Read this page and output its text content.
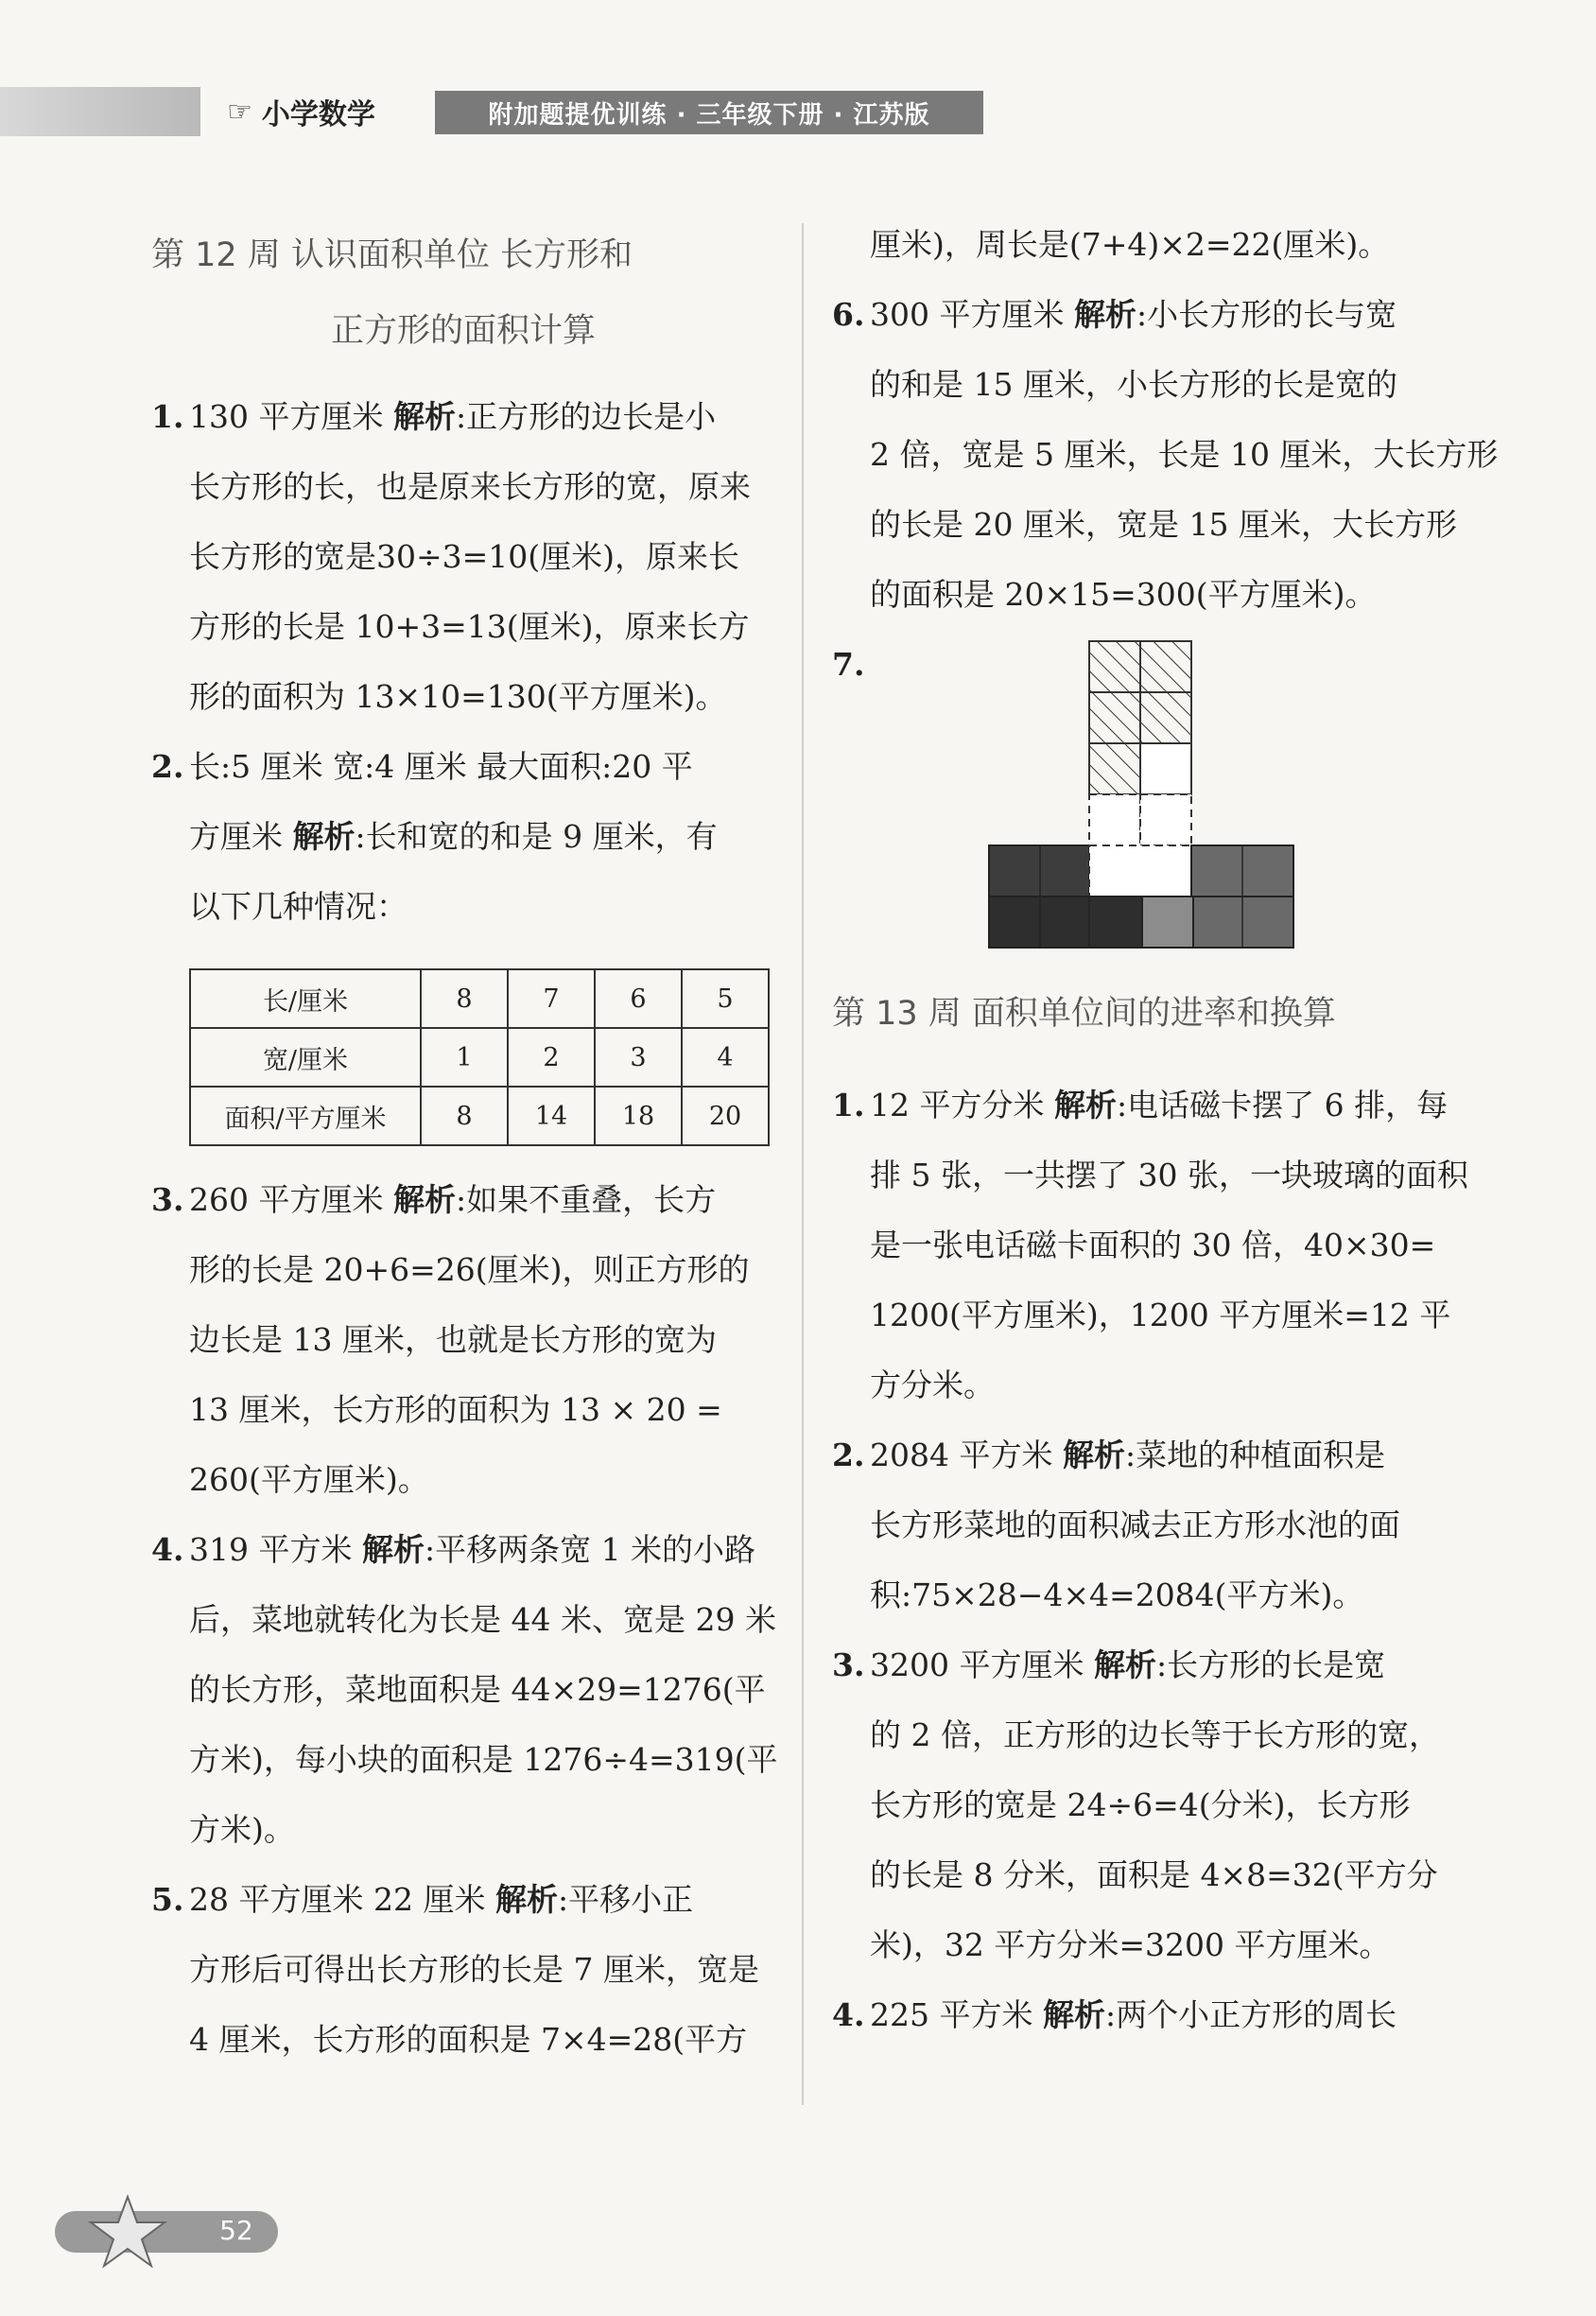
☞ 小学数学	附加题提优训练 · 三年级下册 · 江苏版
第 12 周 认识面积单位 长方形和
正方形的面积计算
1. 130 平方厘米 解析:正方形的边长是小
长方形的长，也是原来长方形的宽，原来
长方形的宽是30÷3=10(厘米)，原来长
方形的长是 10+3=13(厘米)，原来长方
形的面积为 13×10=130(平方厘米)。
2. 长:5 厘米 宽:4 厘米 最大面积:20 平
方厘米 解析:长和宽的和是 9 厘米，有
以下几种情况：
长/厘米	8	7	6	5
宽/厘米	1	2	3	4
面积/平方厘米	8	14	18	20
3. 260 平方厘米 解析:如果不重叠，长方
形的长是 20+6=26(厘米)，则正方形的
边长是 13 厘米，也就是长方形的宽为
13 厘米，长方形的面积为 13 × 20 =
260(平方厘米)。
4. 319 平方米 解析:平移两条宽 1 米的小路
后，菜地就转化为长是 44 米、宽是 29 米
的长方形，菜地面积是 44×29=1276(平
方米)，每小块的面积是 1276÷4=319(平
方米)。
5. 28 平方厘米 22 厘米 解析:平移小正
方形后可得出长方形的长是 7 厘米，宽是
4 厘米，长方形的面积是 7×4=28(平方
厘米)，周长是(7+4)×2=22(厘米)。
6. 300 平方厘米 解析:小长方形的长与宽
的和是 15 厘米，小长方形的长是宽的
2 倍，宽是 5 厘米，长是 10 厘米，大长方形
的长是 20 厘米，宽是 15 厘米，大长方形
的面积是 20×15=300(平方厘米)。
7.
第 13 周 面积单位间的进率和换算
1. 12 平方分米 解析:电话磁卡摆了 6 排，每
排 5 张，一共摆了 30 张，一块玻璃的面积
是一张电话磁卡面积的 30 倍，40×30=
1200(平方厘米)，1200 平方厘米=12 平
方分米。
2. 2084 平方米 解析:菜地的种植面积是
长方形菜地的面积减去正方形水池的面
积:75×28−4×4=2084(平方米)。
3. 3200 平方厘米 解析:长方形的长是宽
的 2 倍，正方形的边长等于长方形的宽，
长方形的宽是 24÷6=4(分米)，长方形
的长是 8 分米，面积是 4×8=32(平方分
米)，32 平方分米=3200 平方厘米。
4. 225 平方米 解析:两个小正方形的周长
52
